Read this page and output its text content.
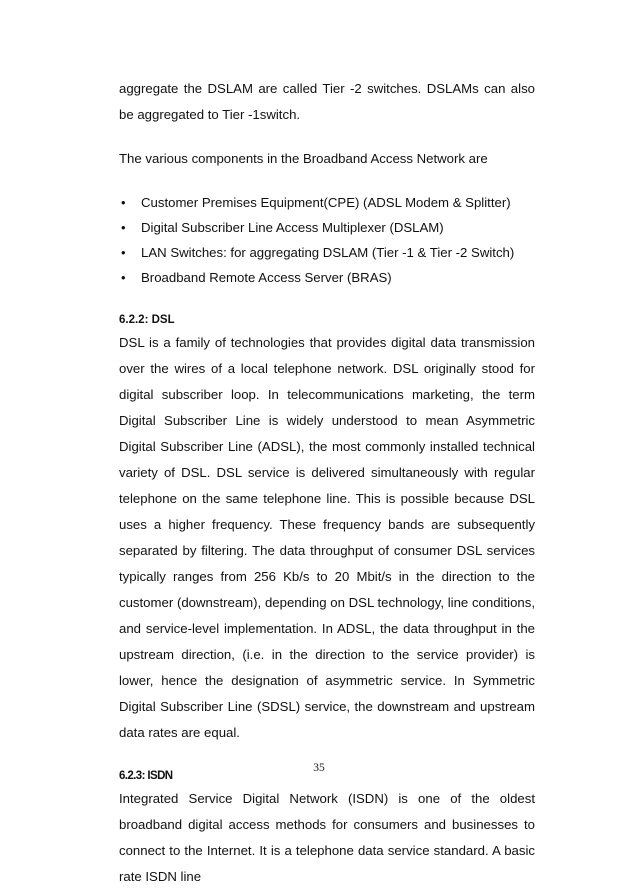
aggregate the DSLAM are called Tier -2 switches. DSLAMs can also be aggregated to Tier -1switch.

The various components in the Broadband Access Network are

• Customer Premises Equipment(CPE) (ADSL Modem & Splitter)
• Digital Subscriber Line Access Multiplexer (DSLAM)
• LAN Switches: for aggregating DSLAM (Tier -1 & Tier -2 Switch)
• Broadband Remote Access Server (BRAS)
6.2.2: DSL

DSL is a family of technologies that provides digital data transmission over the wires of a local telephone network. DSL originally stood for digital subscriber loop. In telecommunications marketing, the term Digital Subscriber Line is widely understood to mean Asymmetric Digital Subscriber Line (ADSL), the most commonly installed technical variety of DSL. DSL service is delivered simultaneously with regular telephone on the same telephone line. This is possible because DSL uses a higher frequency. These frequency bands are subsequently separated by filtering. The data throughput of consumer DSL services typically ranges from 256 Kb/s to 20 Mbit/s in the direction to the customer (downstream), depending on DSL technology, line conditions, and service-level implementation. In ADSL, the data throughput in the upstream direction, (i.e. in the direction to the service provider) is lower, hence the designation of asymmetric service. In Symmetric Digital Subscriber Line (SDSL) service, the downstream and upstream data rates are equal.

6.2.3: ISDN

Integrated Service Digital Network (ISDN) is one of the oldest broadband digital access methods for consumers and businesses to connect to the Internet. It is a telephone data service standard. A basic rate ISDN line

35
